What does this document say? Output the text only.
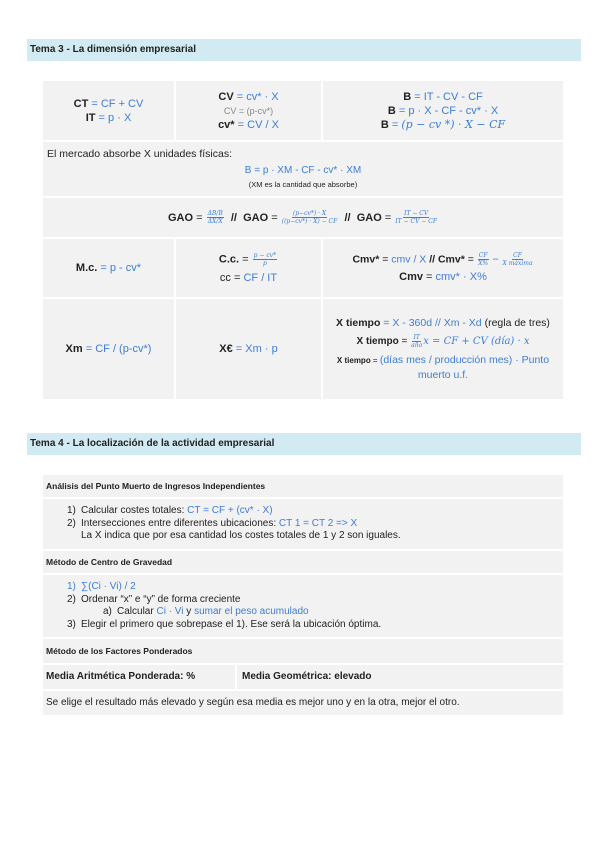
Tema 3 - La dimensión empresarial
CT = CF + CV
IT = p · X
CV = cv* · X
CV = (p-cv*)
cv* = CV / X
B = IT - CV - CF
B = p · X - CF - cv* · X
B = (p − cv *) · X − CF
El mercado absorbe X unidades físicas:
B = p · XM - CF - cv* · XM
(XM es la cantidad que absorbe)
GAO = $\frac{\Delta B/B}{\Delta X/X}$
//
GAO = $\frac{(p-cv*) \cdot X}{((p-cv*) \cdot X) - CF}$
//
GAO = $\frac{IT - CV}{IT - CV - CF}$
M.c. = p - cv*
C.c. = $\frac{p - cv*}{p}$
cc = CF / IT
Cmv* = cmv / $X // Cmv* = \frac{CF}{X\%} - \frac{CF}{\text{X máxima}}$
Cmv = cmv* · X%
Xm = CF / (p-cv*)	X€ = Xm · p
X tiempo = X - 360d // Xm - Xd (regla de tres)
X tiempo = $\frac{IT}{\text{año}}$ x = CF + CV (día) · x
X tiempo = (días mes / producción mes) · Punto muerto u.f.
Tema 4 - La localización de la actividad empresarial
Análisis del Punto Muerto de Ingresos Independientes
1) Calcular costes totales: CT = CF + (cv* · X)
2) Intersecciones entre diferentes ubicaciones: CT 1 = CT 2 => X
La X indica que por esa cantidad los costes totales de 1 y 2 son iguales.
Método de Centro de Gravedad
1) ∑(Ci · Vi) / 2
2) Ordenar “x” e “y” de forma creciente
a) Calcular Ci · Vi y sumar el peso acumulado
3) Elegir el primero que sobrepase el 1). Ese será la ubicación óptima.
Método de los Factores Ponderados
Media Aritmética Ponderada: %	Media Geométrica: elevado
Se elige el resultado más elevado y según esa media es mejor uno y en la otra, mejor el otro.
